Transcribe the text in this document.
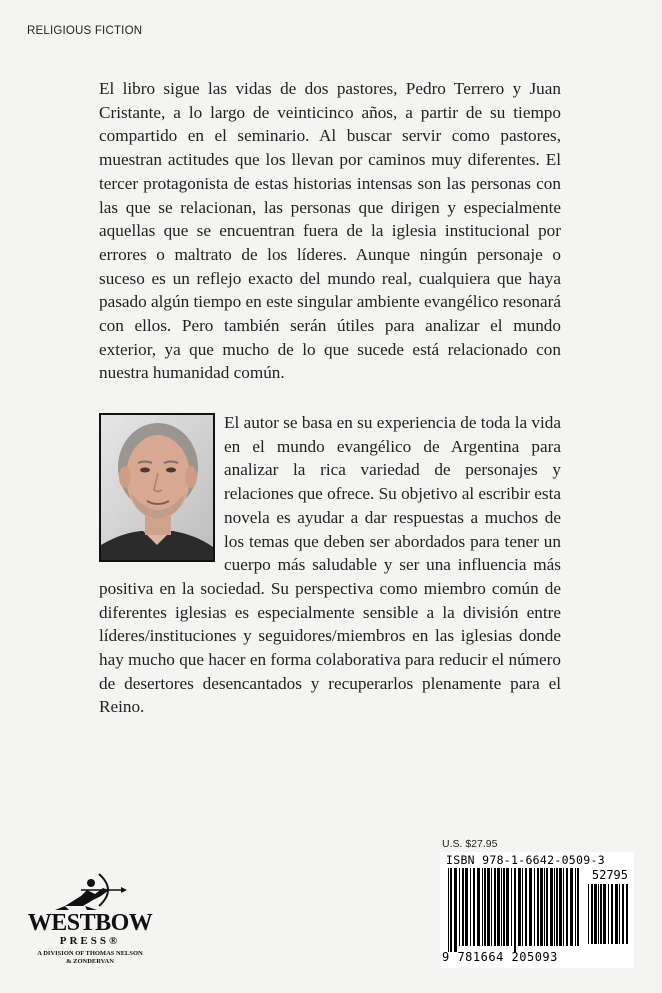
RELIGIOUS FICTION

El libro sigue las vidas de dos pastores, Pedro Terrero y Juan Cristante, a lo largo de veinticinco años, a partir de su tiempo compartido en el seminario. Al buscar servir como pastores, muestran actitudes que los llevan por caminos muy diferentes. El tercer protagonista de estas historias intensas son las personas con las que se relacionan, las personas que dirigen y especialmente aquellas que se encuentran fuera de la iglesia institucional por errores o maltrato de los líderes. Aunque ningún personaje o suceso es un reflejo exacto del mundo real, cualquiera que haya pasado algún tiempo en este singular ambiente evangélico resonará con ellos. Pero también serán útiles para analizar el mundo exterior, ya que mucho de lo que sucede está relacionado con nuestra humanidad común.

El autor se basa en su experiencia de toda la vida en el mundo evangélico de Argentina para analizar la rica variedad de personajes y relaciones que ofrece. Su objetivo al escribir esta novela es ayudar a dar respuestas a muchos de los temas que deben ser abordados para tener un cuerpo más saludable y ser una influencia más positiva en la sociedad. Su perspectiva como miembro común de diferentes iglesias es especialmente sensible a la división entre líderes/instituciones y seguidores/miembros en las iglesias donde hay mucho que hacer en forma colaborativa para reducir el número de desertores desencantados y recuperarlos plenamente para el Reino.

WESTBOW
PRESS®
A DIVISION OF THOMAS NELSON
& ZONDERVAN
U.S. $27.95
ISBN 978-1-6642-0509-3
52795
9 781664 205093
